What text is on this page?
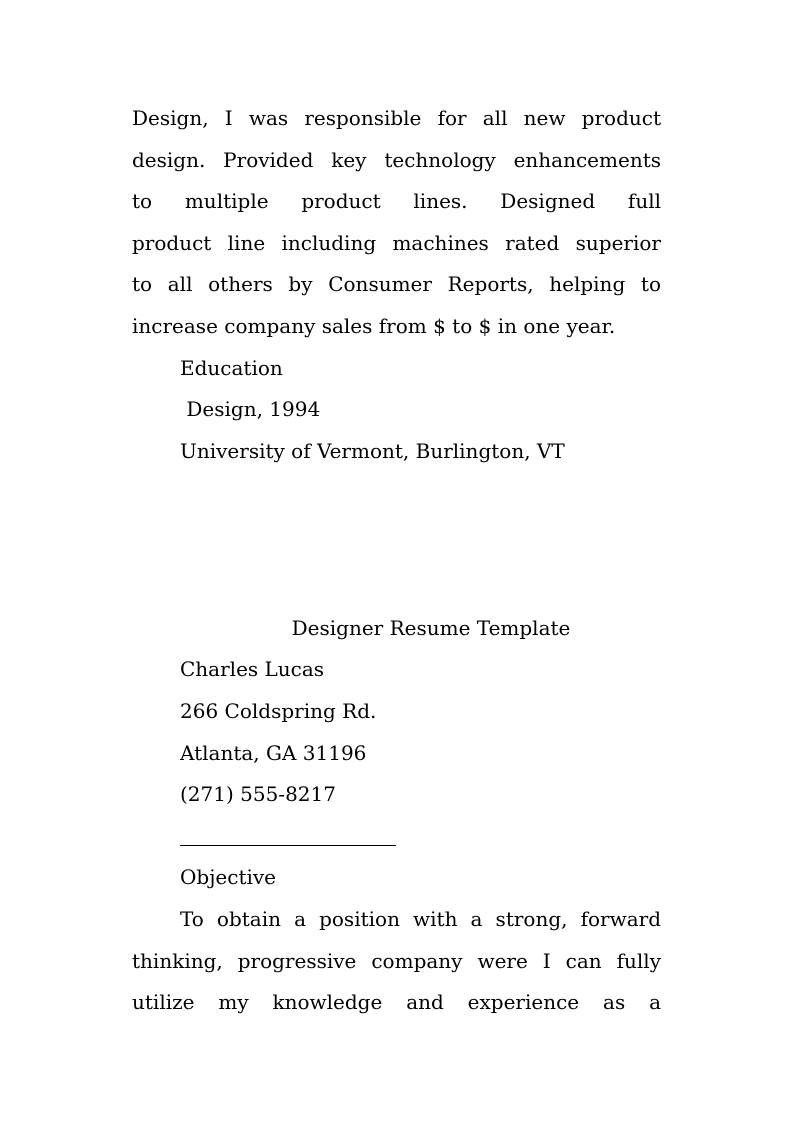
Design, I was responsible for all new product
design. Provided key technology enhancements
to multiple product lines. Designed full
product line including machines rated superior
to all others by Consumer Reports, helping to
increase company sales from $ to $ in one year.
Education
Design, 1994
University of Vermont, Burlington, VT
Designer Resume Template
Charles Lucas
266 Coldspring Rd.
Atlanta, GA 31196
(271) 555-8217
Objective
To obtain a position with a strong, forward
thinking, progressive company were I can fully
utilize my knowledge and experience as a
